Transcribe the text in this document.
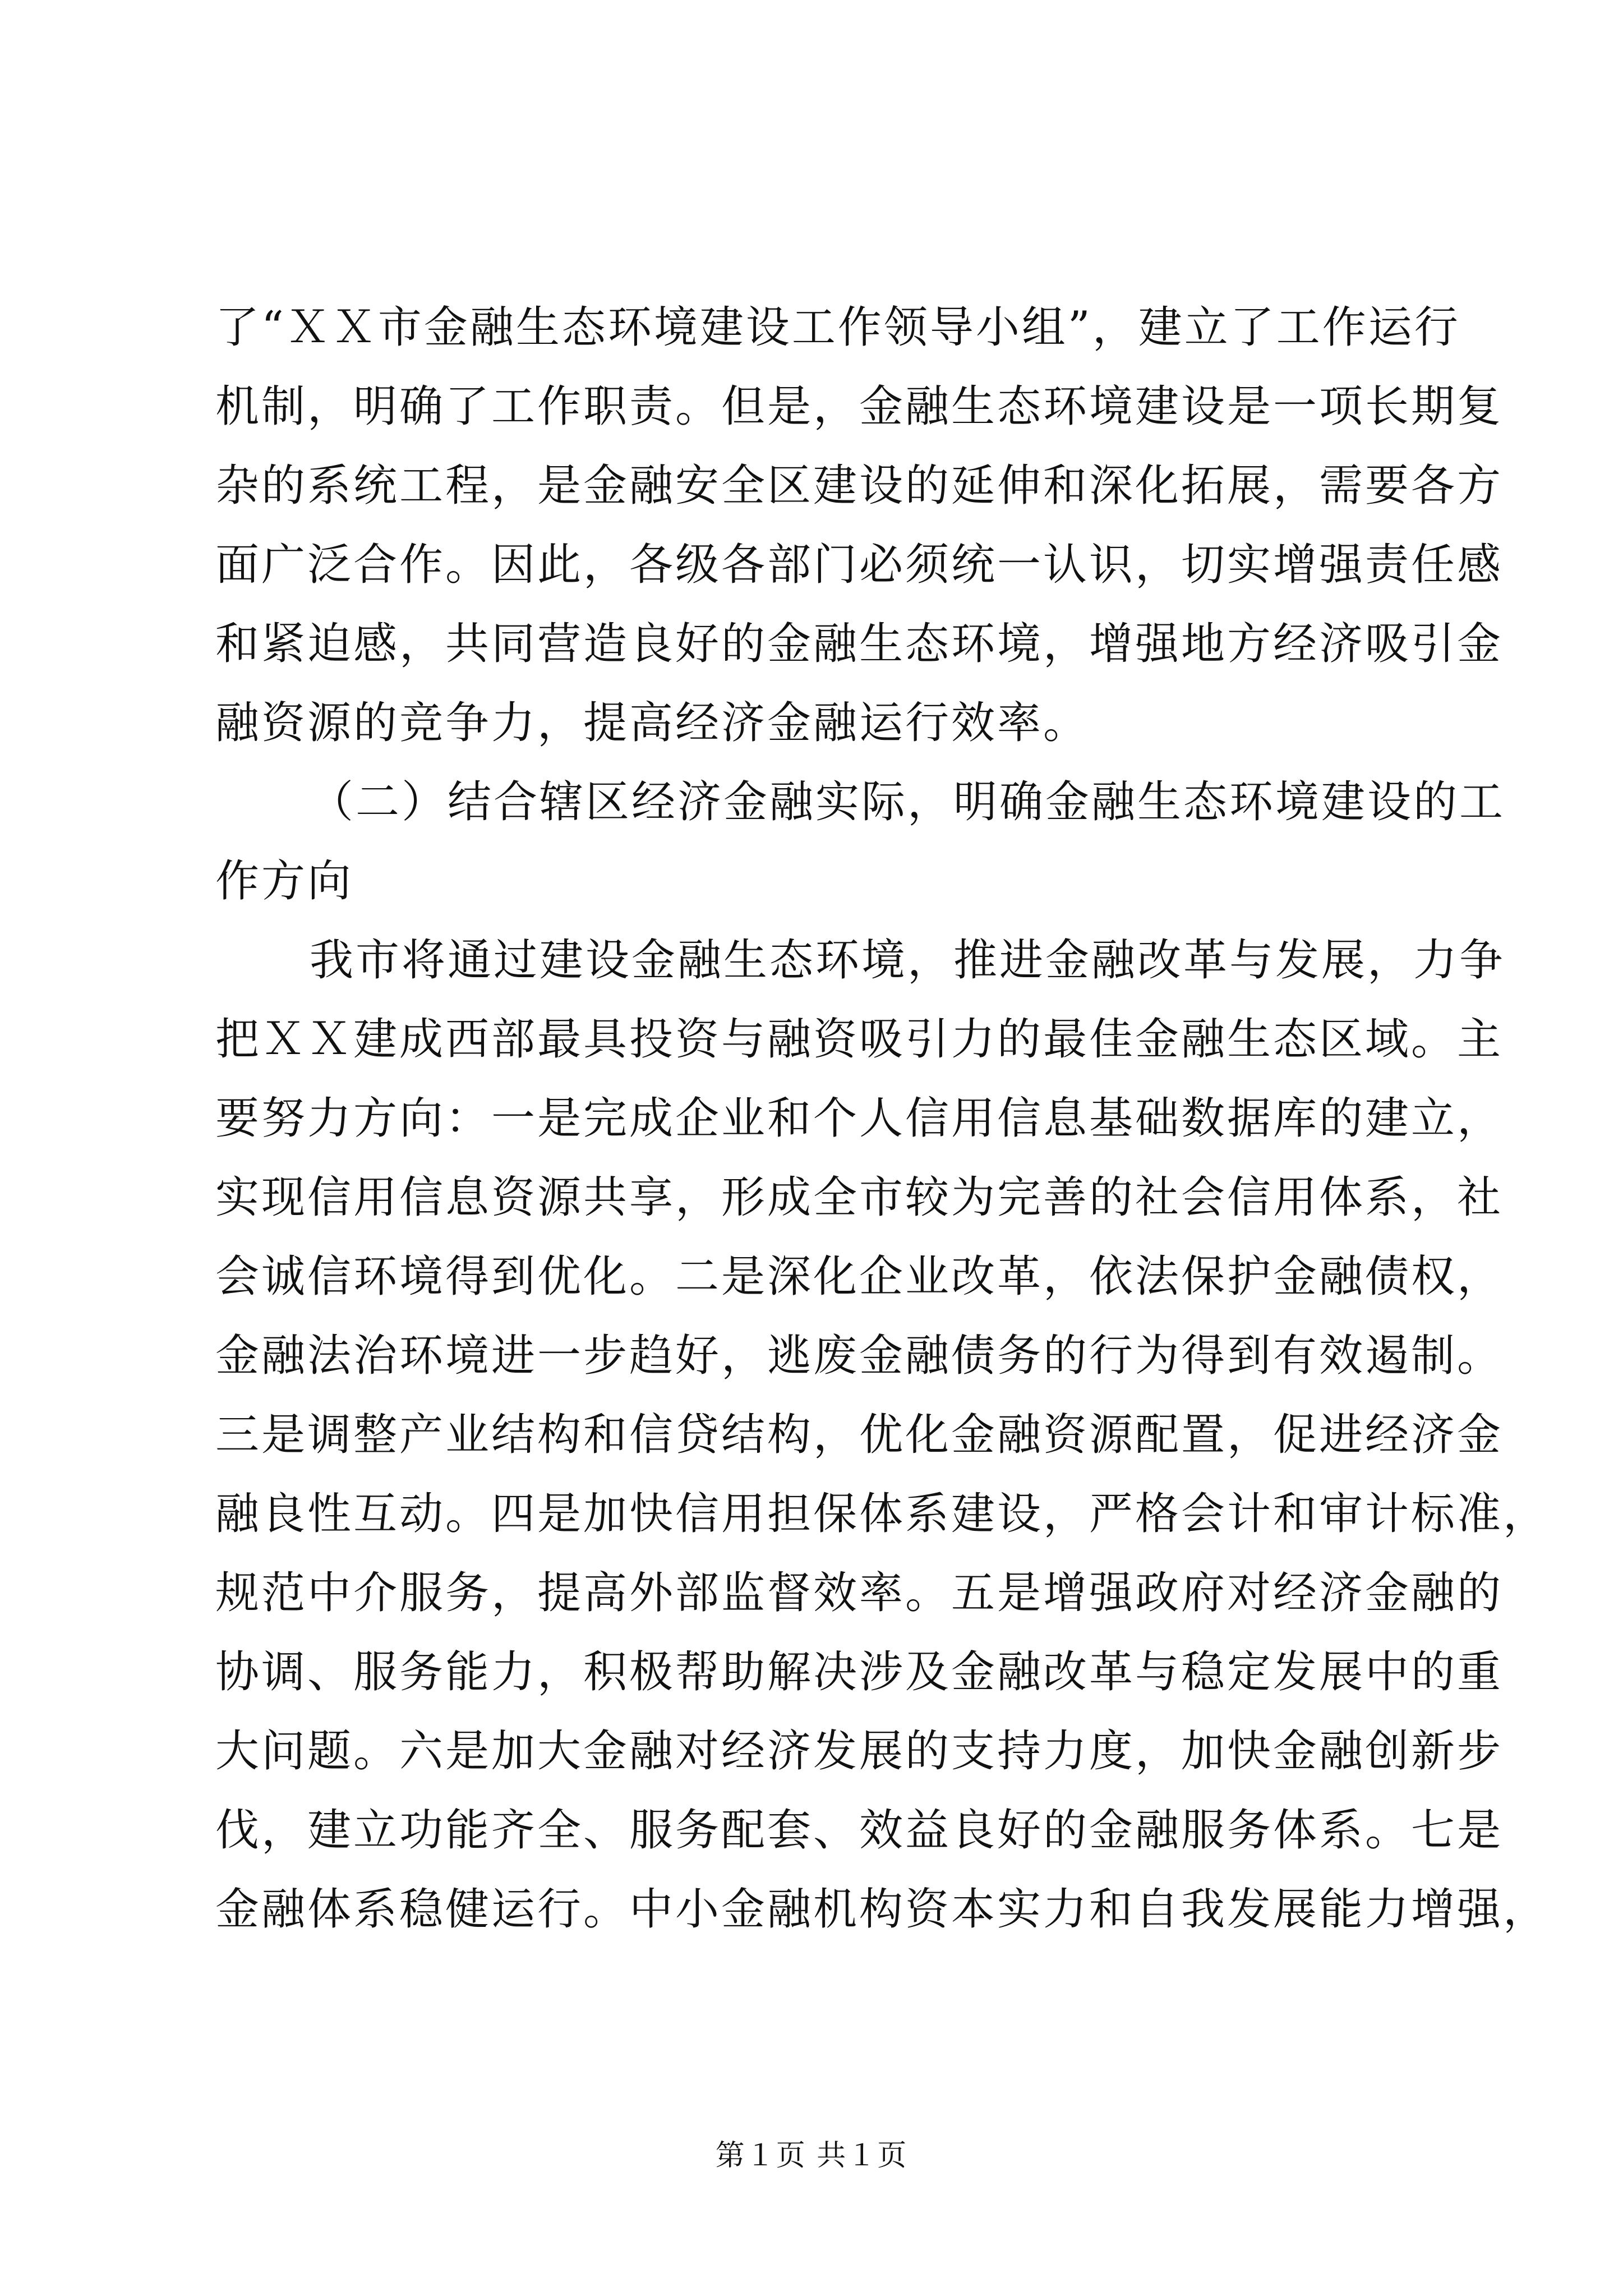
了“ＸＸ市金融生态环境建设工作领导小组”，建立了工作运行
机制，明确了工作职责。但是，金融生态环境建设是一项长期复
杂的系统工程，是金融安全区建设的延伸和深化拓展，需要各方
面广泛合作。因此，各级各部门必须统一认识，切实增强责任感
和紧迫感，共同营造良好的金融生态环境，增强地方经济吸引金
融资源的竞争力，提高经济金融运行效率。
（二）结合辖区经济金融实际，明确金融生态环境建设的工
作方向
我市将通过建设金融生态环境，推进金融改革与发展，力争
把ＸＸ建成西部最具投资与融资吸引力的最佳金融生态区域。主
要努力方向：一是完成企业和个人信用信息基础数据库的建立，
实现信用信息资源共享，形成全市较为完善的社会信用体系，社
会诚信环境得到优化。二是深化企业改革，依法保护金融债权，
金融法治环境进一步趋好，逃废金融债务的行为得到有效遏制。
三是调整产业结构和信贷结构，优化金融资源配置，促进经济金
融良性互动。四是加快信用担保体系建设，严格会计和审计标准，
规范中介服务，提高外部监督效率。五是增强政府对经济金融的
协调、服务能力，积极帮助解决涉及金融改革与稳定发展中的重
大问题。六是加大金融对经济发展的支持力度，加快金融创新步
伐，建立功能齐全、服务配套、效益良好的金融服务体系。七是
金融体系稳健运行。中小金融机构资本实力和自我发展能力增强，
第１页 共１页
